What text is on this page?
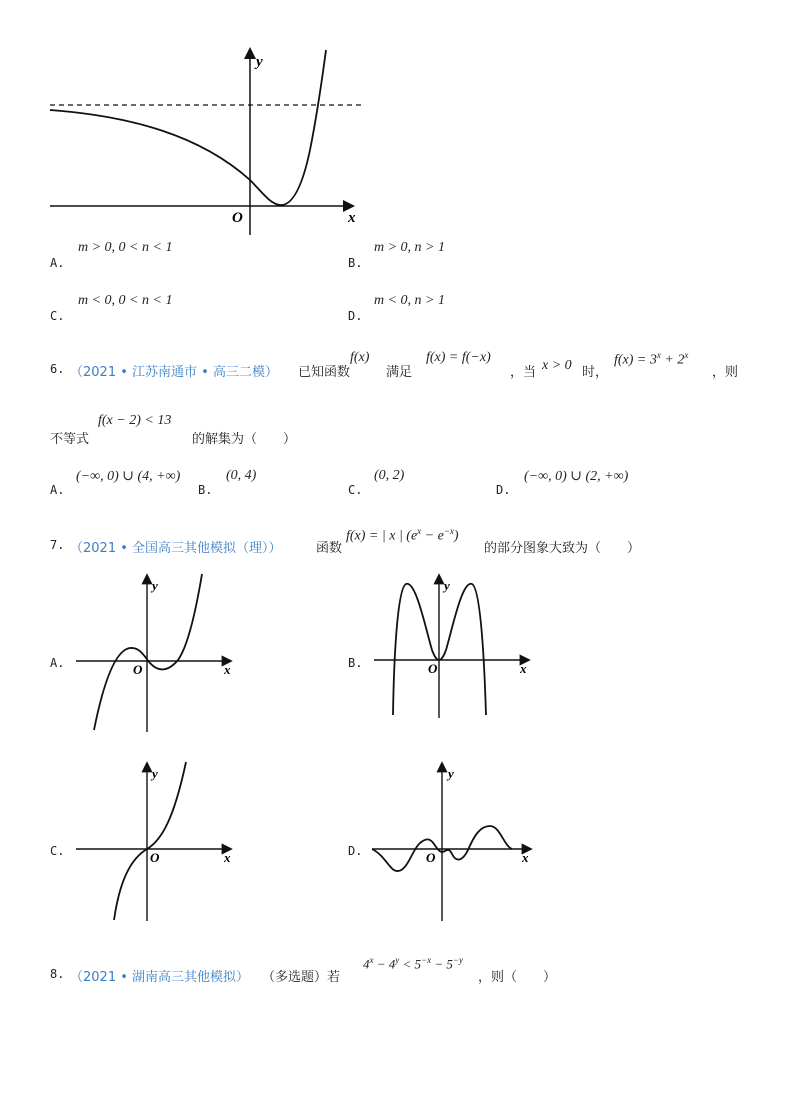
y
x
O
A.
m > 0, 0 < n < 1
B.
m > 0, n > 1
C.
m < 0, 0 < n < 1
D.
m < 0, n > 1
6. （2021 • 江苏南通市 • 高三二模） 已知函数
f(x)
满足
f(x) = f(−x)
，当 x > 0 时，
$f(x) = 3^x + 2^x$
，则
不等式
f(x − 2) < 13
的解集为（　　）
A.
(−∞, 0) ∪ (4, +∞)
B.
(0, 4)
C.
(0, 2)
D.
(−∞, 0) ∪ (2, +∞)
7. （2021 • 全国高三其他模拟（理））	函数
f(x) = | x | $(e^x - e^{-x})$
的部分图象大致为（　　）
A.
y
x
O	B.
y
x
O
C.
y
x
O	D.
y
x
O
8. （2021 • 湖南高三其他模拟） （多选题）若
$4^x - 4^y < 5^{-x} - 5^{-y}$
，则（　　）
